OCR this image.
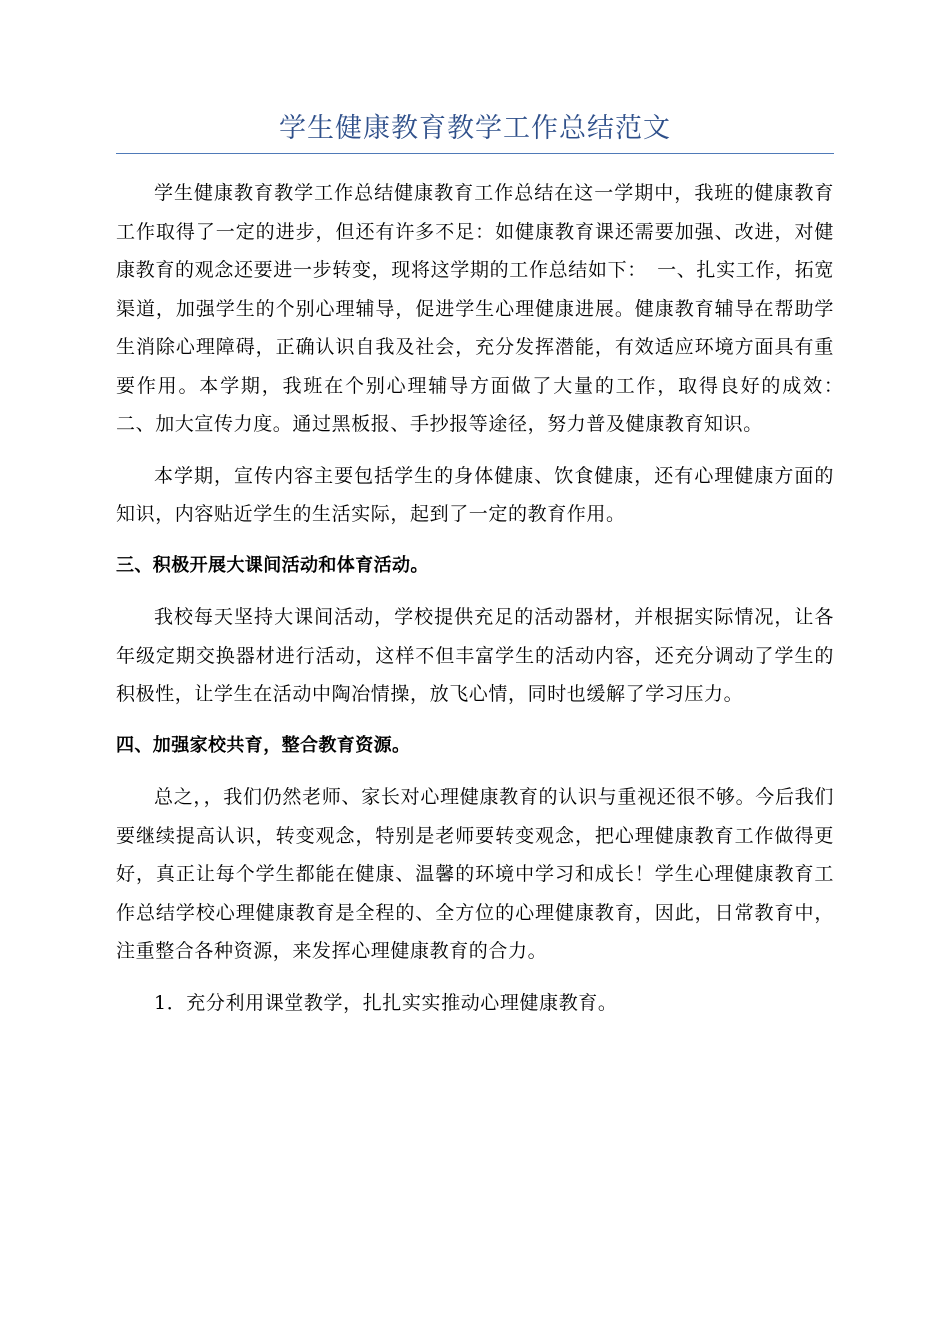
学生健康教育教学工作总结范文

学生健康教育教学工作总结健康教育工作总结在这一学期中，我班的健康教育工作取得了一定的进步，但还有许多不足：如健康教育课还需要加强、改进，对健康教育的观念还要进一步转变，现将这学期的工作总结如下：　一、扎实工作，拓宽渠道，加强学生的个别心理辅导，促进学生心理健康进展。健康教育辅导在帮助学生消除心理障碍，正确认识自我及社会，充分发挥潜能，有效适应环境方面具有重要作用。本学期，我班在个别心理辅导方面做了大量的工作，取得良好的成效：　二、加大宣传力度。通过黑板报、手抄报等途径，努力普及健康教育知识。

本学期，宣传内容主要包括学生的身体健康、饮食健康，还有心理健康方面的知识，内容贴近学生的生活实际，起到了一定的教育作用。

三、积极开展大课间活动和体育活动。

我校每天坚持大课间活动，学校提供充足的活动器材，并根据实际情况，让各年级定期交换器材进行活动，这样不但丰富学生的活动内容，还充分调动了学生的积极性，让学生在活动中陶冶情操，放飞心情，同时也缓解了学习压力。

四、加强家校共育，整合教育资源。

总之，，我们仍然老师、家长对心理健康教育的认识与重视还很不够。今后我们要继续提高认识，转变观念，特别是老师要转变观念，把心理健康教育工作做得更好，真正让每个学生都能在健康、温馨的环境中学习和成长！学生心理健康教育工作总结学校心理健康教育是全程的、全方位的心理健康教育，因此，日常教育中，注重整合各种资源，来发挥心理健康教育的合力。

1．充分利用课堂教学，扎扎实实推动心理健康教育。
